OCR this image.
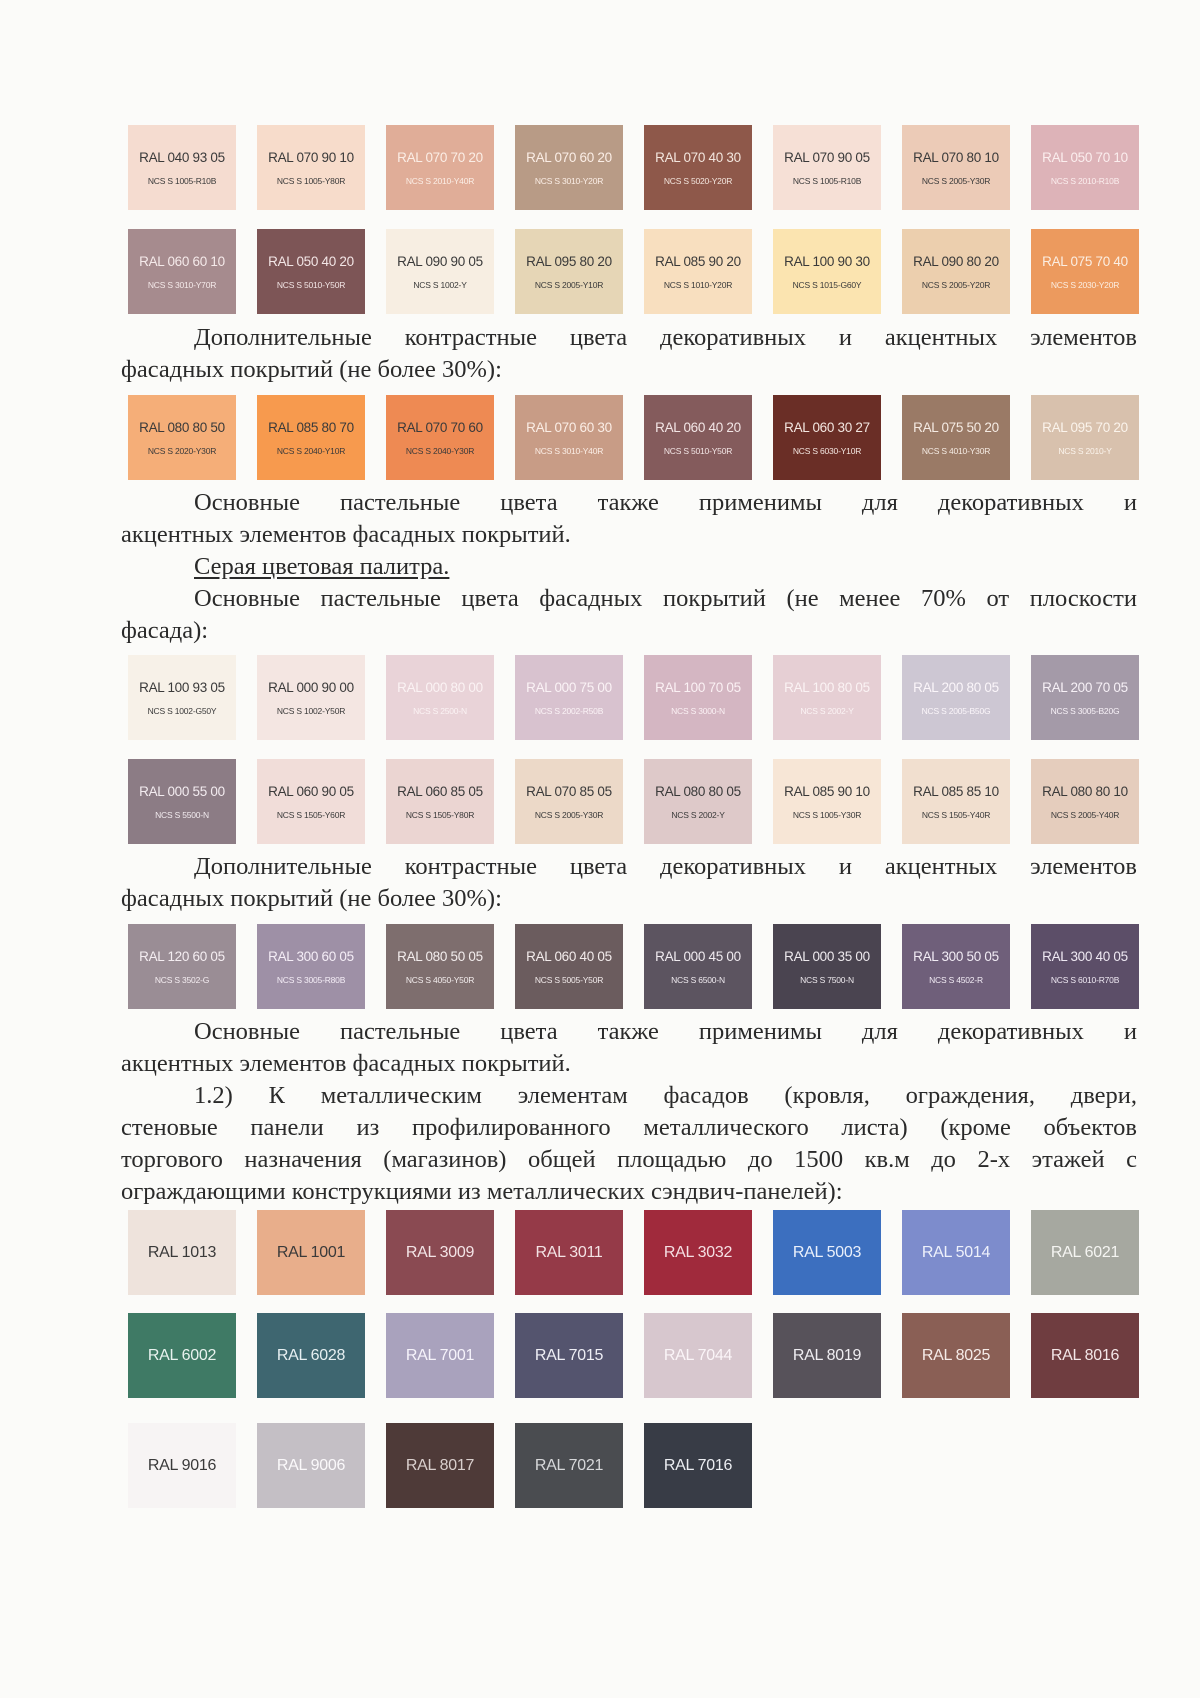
RAL 040 93 05
NCS S 1005-R10B
RAL 070 90 10
NCS S 1005-Y80R
RAL 070 70 20
NCS S 2010-Y40R
RAL 070 60 20
NCS S 3010-Y20R
RAL 070 40 30
NCS S 5020-Y20R
RAL 070 90 05
NCS S 1005-R10B
RAL 070 80 10
NCS S 2005-Y30R
RAL 050 70 10
NCS S 2010-R10B
RAL 060 60 10
NCS S 3010-Y70R
RAL 050 40 20
NCS S 5010-Y50R
RAL 090 90 05
NCS S 1002-Y
RAL 095 80 20
NCS S 2005-Y10R
RAL 085 90 20
NCS S 1010-Y20R
RAL 100 90 30
NCS S 1015-G60Y
RAL 090 80 20
NCS S 2005-Y20R
RAL 075 70 40
NCS S 2030-Y20R
Дополнительные контрастные цвета декоративных и акцентных элементов
фасадных покрытий (не более 30%):
RAL 080 80 50
NCS S 2020-Y30R
RAL 085 80 70
NCS S 2040-Y10R
RAL 070 70 60
NCS S 2040-Y30R
RAL 070 60 30
NCS S 3010-Y40R
RAL 060 40 20
NCS S 5010-Y50R
RAL 060 30 27
NCS S 6030-Y10R
RAL 075 50 20
NCS S 4010-Y30R
RAL 095 70 20
NCS S 2010-Y
Основные пастельные цвета также применимы для декоративных и
акцентных элементов фасадных покрытий.
Серая цветовая палитра.
Основные пастельные цвета фасадных покрытий (не менее 70% от плоскости
фасада):
RAL 100 93 05
NCS S 1002-G50Y
RAL 000 90 00
NCS S 1002-Y50R
RAL 000 80 00
NCS S 2500-N
RAL 000 75 00
NCS S 2002-R50B
RAL 100 70 05
NCS S 3000-N
RAL 100 80 05
NCS S 2002-Y
RAL 200 80 05
NCS S 2005-B50G
RAL 200 70 05
NCS S 3005-B20G
RAL 000 55 00
NCS S 5500-N
RAL 060 90 05
NCS S 1505-Y60R
RAL 060 85 05
NCS S 1505-Y80R
RAL 070 85 05
NCS S 2005-Y30R
RAL 080 80 05
NCS S 2002-Y
RAL 085 90 10
NCS S 1005-Y30R
RAL 085 85 10
NCS S 1505-Y40R
RAL 080 80 10
NCS S 2005-Y40R
Дополнительные контрастные цвета декоративных и акцентных элементов
фасадных покрытий (не более 30%):
RAL 120 60 05
NCS S 3502-G
RAL 300 60 05
NCS S 3005-R80B
RAL 080 50 05
NCS S 4050-Y50R
RAL 060 40 05
NCS S 5005-Y50R
RAL 000 45 00
NCS S 6500-N
RAL 000 35 00
NCS S 7500-N
RAL 300 50 05
NCS S 4502-R
RAL 300 40 05
NCS S 6010-R70B
Основные пастельные цвета также применимы для декоративных и
акцентных элементов фасадных покрытий.
1.2) К металлическим элементам фасадов (кровля, ограждения, двери,
стеновые панели из профилированного металлического листа) (кроме объектов
торгового назначения (магазинов) общей площадью до 1500 кв.м до 2-х этажей с
ограждающими конструкциями из металлических сэндвич-панелей):
RAL 1013	RAL 1001	RAL 3009	RAL 3011	RAL 3032	RAL 5003	RAL 5014	RAL 6021
RAL 6002	RAL 6028	RAL 7001	RAL 7015	RAL 7044	RAL 8019	RAL 8025	RAL 8016
RAL 9016	RAL 9006	RAL 8017	RAL 7021	RAL 7016
